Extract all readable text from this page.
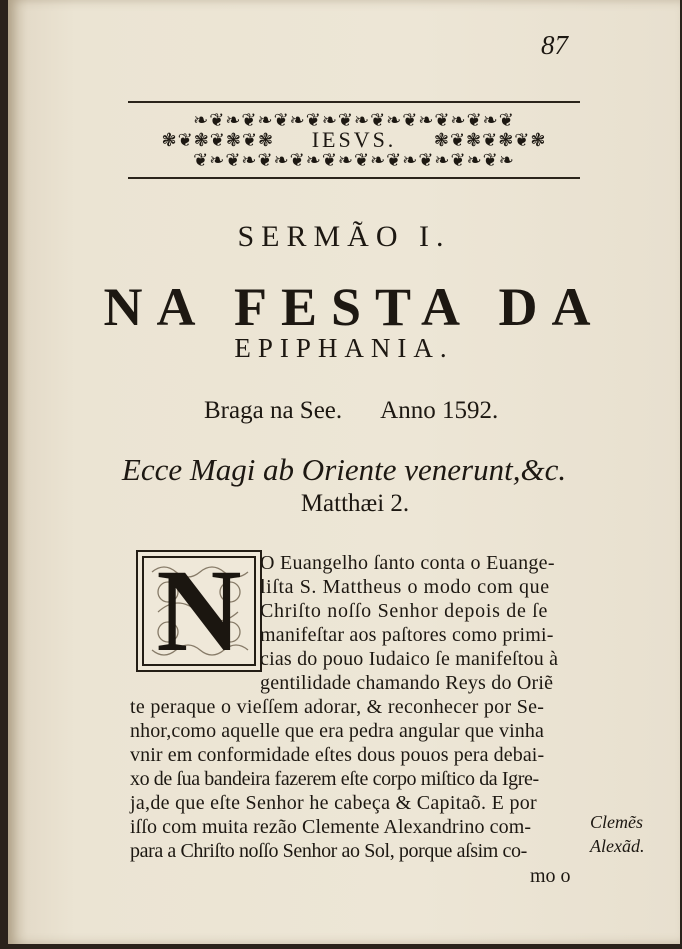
87
❧❦❧❦❧❦❧❦❧❦❧❦❧❦❧❦❧❦❧❦
❃❦❃❦❃❦❃	IESVS.	❃❦❃❦❃❦❃
❦❧❦❧❦❧❦❧❦❧❦❧❦❧❦❧❦❧❦❧
SERMÃO I.
NA FESTA DA
EPIPHANIA.
Braga na See. Anno 1592.
Ecce Magi ab Oriente venerunt,&c.
Matthæi 2.
N O Euangelho ſanto conta o Euange-
liſta S. Mattheus o modo com que
Chriſto noſſo Senhor depois de ſe
manifeſtar aos paſtores como primi-
cias do pouo Iudaico ſe manifeſtou à
gentilidade chamando Reys do Oriẽ
te peraque o vieſſem adorar, & reconhecer por Se-
nhor,como aquelle que era pedra angular que vinha
vnir em conformidade eſtes dous pouos pera debai-
xo de ſua bandeira fazerem eſte corpo miſtico da Igre-
ja,de que eſte Senhor he cabeça & Capitaõ. E por
iſſo com muita rezão Clemente Alexandrino com-
para a Chriſto noſſo Senhor ao Sol, porque aſsim co-
mo o
Clemẽs
Alexãd.
